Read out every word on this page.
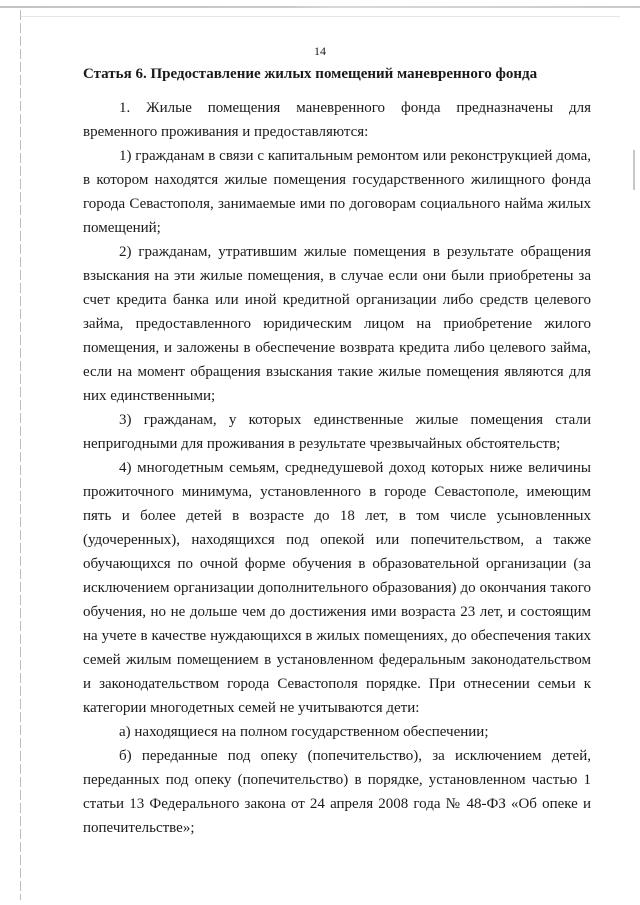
14
Статья 6. Предоставление жилых помещений маневренного фонда

1. Жилые помещения маневренного фонда предназначены для временного проживания и предоставляются:

1) гражданам в связи с капитальным ремонтом или реконструкцией дома, в котором находятся жилые помещения государственного жилищного фонда города Севастополя, занимаемые ими по договорам социального найма жилых помещений;

2) гражданам, утратившим жилые помещения в результате обращения взыскания на эти жилые помещения, в случае если они были приобретены за счет кредита банка или иной кредитной организации либо средств целевого займа, предоставленного юридическим лицом на приобретение жилого помещения, и заложены в обеспечение возврата кредита либо целевого займа, если на момент обращения взыскания такие жилые помещения являются для них единственными;

3) гражданам, у которых единственные жилые помещения стали непригодными для проживания в результате чрезвычайных обстоятельств;

4) многодетным семьям, среднедушевой доход которых ниже величины прожиточного минимума, установленного в городе Севастополе, имеющим пять и более детей в возрасте до 18 лет, в том числе усыновленных (удочеренных), находящихся под опекой или попечительством, а также обучающихся по очной форме обучения в образовательной организации (за исключением организации дополнительного образования) до окончания такого обучения, но не дольше чем до достижения ими возраста 23 лет, и состоящим на учете в качестве нуждающихся в жилых помещениях, до обеспечения таких семей жилым помещением в установленном федеральным законодательством и законодательством города Севастополя порядке. При отнесении семьи к категории многодетных семей не учитываются дети:

а) находящиеся на полном государственном обеспечении;

б) переданные под опеку (попечительство), за исключением детей, переданных под опеку (попечительство) в порядке, установленном частью 1 статьи 13 Федерального закона от 24 апреля 2008 года № 48-ФЗ «Об опеке и попечительстве»;
